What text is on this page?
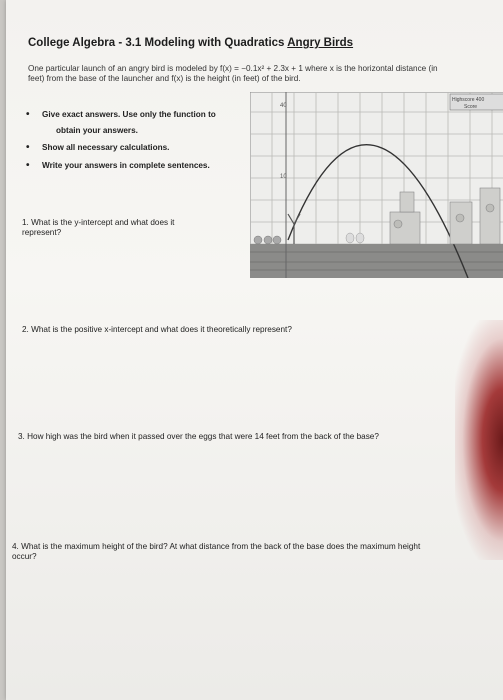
College Algebra - 3.1 Modeling with Quadratics Angry Birds
One particular launch of an angry bird is modeled by f(x) = −0.1x² + 2.3x + 1 where x is the horizontal distance (in
feet) from the base of the launcher and f(x) is the height (in feet) of the bird.
• Give exact answers. Use only the function to
obtain your answers.
• Show all necessary calculations.
• Write your answers in complete sentences.
1. What is the y-intercept and what does it
represent?
2. What is the positive x-intercept and what does it theoretically represent?
3. How high was the bird when it passed over the eggs that were 14 feet from the back of the base?
4. What is the maximum height of the bird? At what distance from the back of the base does the maximum height
occur?
40
10
Highscore 400
Score
